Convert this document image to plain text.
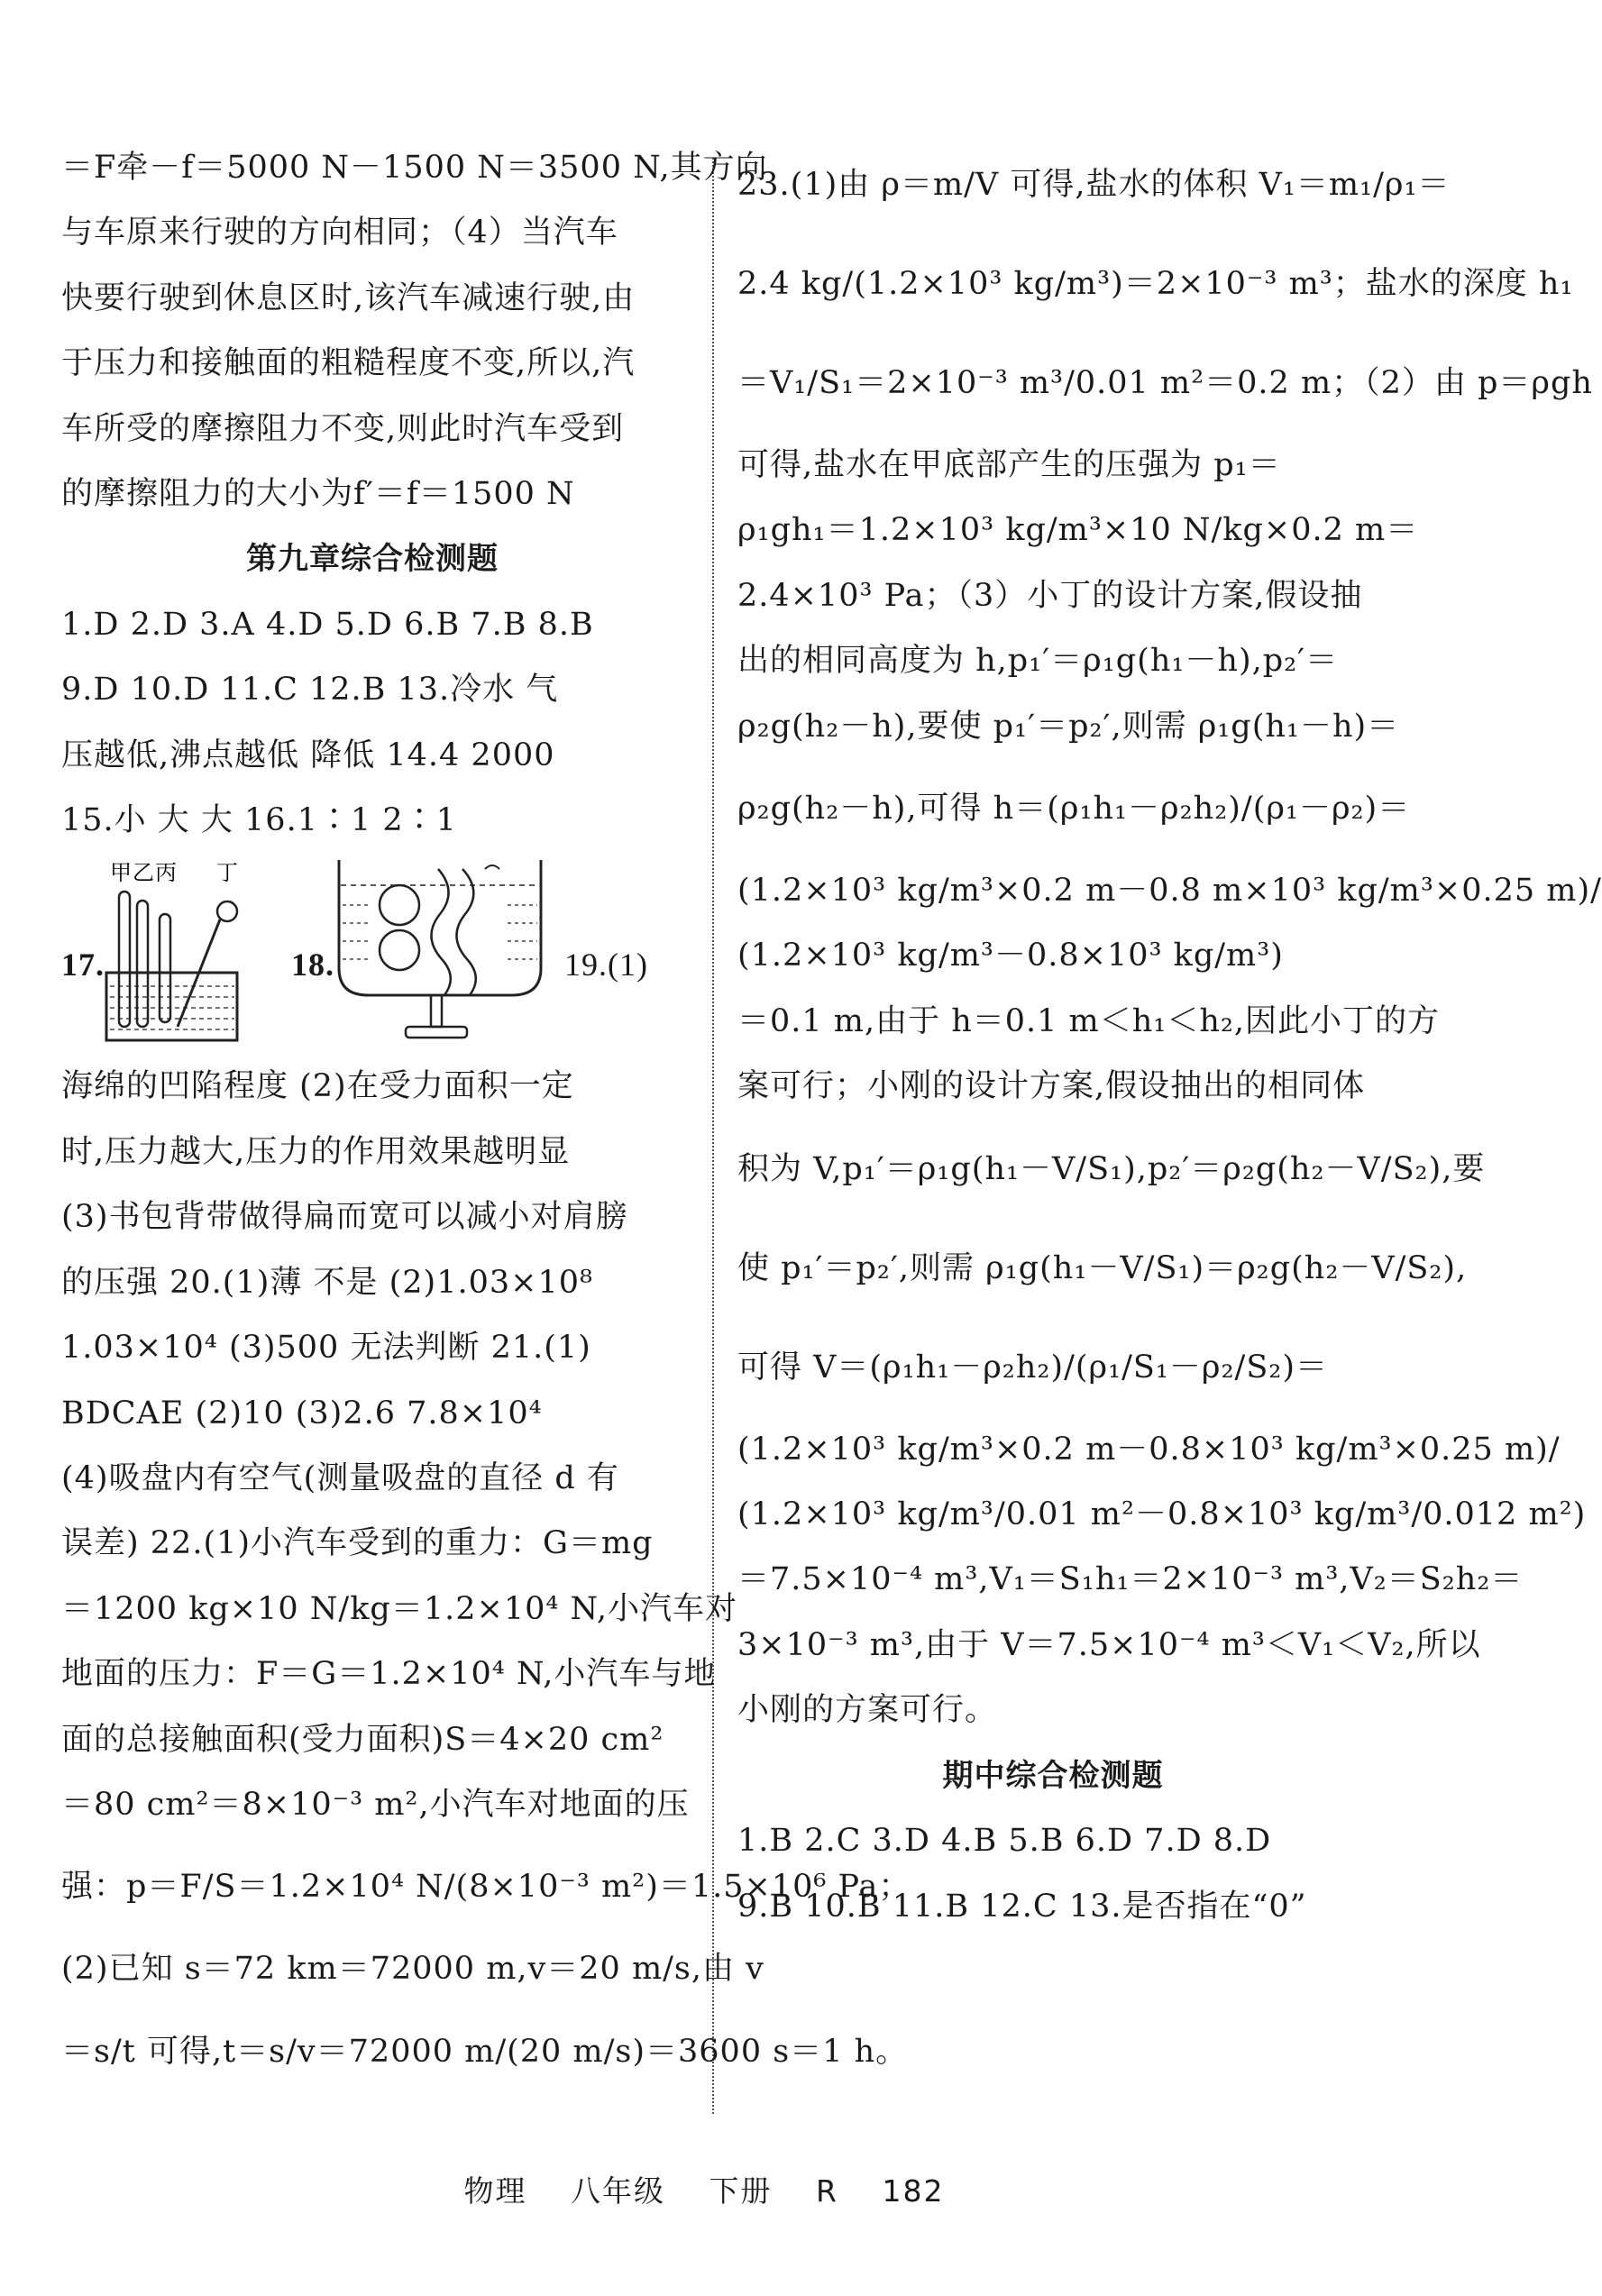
＝F牵－f＝5000 N－1500 N＝3500 N,其方向
与车原来行驶的方向相同；（4）当汽车
快要行驶到休息区时,该汽车减速行驶,由
于压力和接触面的粗糙程度不变,所以,汽
车所受的摩擦阻力不变,则此时汽车受到
的摩擦阻力的大小为f′＝f＝1500 N
第九章综合检测题
1.D 2.D 3.A 4.D 5.D 6.B 7.B 8.B
9.D 10.D 11.C 12.B 13.冷水 气
压越低,沸点越低 降低 14.4 2000
15.小 大 大 16.1∶1 2∶1
17.
甲乙丙 丁
18.	19.(1)
海绵的凹陷程度 (2)在受力面积一定
时,压力越大,压力的作用效果越明显
(3)书包背带做得扁而宽可以减小对肩膀
的压强 20.(1)薄 不是 (2)1.03×10⁸
1.03×10⁴ (3)500 无法判断 21.(1)
BDCAE (2)10 (3)2.6 7.8×10⁴
(4)吸盘内有空气(测量吸盘的直径 d 有
误差) 22.(1)小汽车受到的重力：G＝mg
＝1200 kg×10 N/kg＝1.2×10⁴ N,小汽车对
地面的压力：F＝G＝1.2×10⁴ N,小汽车与地
面的总接触面积(受力面积)S＝4×20 cm²
＝80 cm²＝8×10⁻³ m²,小汽车对地面的压
强：p＝F/S＝1.2×10⁴ N/(8×10⁻³ m²)＝1.5×10⁶ Pa；
(2)已知 s＝72 km＝72000 m,v＝20 m/s,由 v
＝s/t 可得,t＝s/v＝72000 m/(20 m/s)＝3600 s＝1 h。
23.(1)由 ρ＝m/V 可得,盐水的体积 V₁＝m₁/ρ₁＝
2.4 kg/(1.2×10³ kg/m³)＝2×10⁻³ m³；盐水的深度 h₁
＝V₁/S₁＝2×10⁻³ m³/0.01 m²＝0.2 m；（2）由 p＝ρgh
可得,盐水在甲底部产生的压强为 p₁＝
ρ₁gh₁＝1.2×10³ kg/m³×10 N/kg×0.2 m＝
2.4×10³ Pa；（3）小丁的设计方案,假设抽
出的相同高度为 h,p₁′＝ρ₁g(h₁－h),p₂′＝
ρ₂g(h₂－h),要使 p₁′＝p₂′,则需 ρ₁g(h₁－h)＝
ρ₂g(h₂－h),可得 h＝(ρ₁h₁－ρ₂h₂)/(ρ₁－ρ₂)＝
(1.2×10³ kg/m³×0.2 m－0.8 m×10³ kg/m³×0.25 m)/
(1.2×10³ kg/m³－0.8×10³ kg/m³)
＝0.1 m,由于 h＝0.1 m＜h₁＜h₂,因此小丁的方
案可行；小刚的设计方案,假设抽出的相同体
积为 V,p₁′＝ρ₁g(h₁－V/S₁),p₂′＝ρ₂g(h₂－V/S₂),要
使 p₁′＝p₂′,则需 ρ₁g(h₁－V/S₁)＝ρ₂g(h₂－V/S₂),
可得 V＝(ρ₁h₁－ρ₂h₂)/(ρ₁/S₁－ρ₂/S₂)＝
(1.2×10³ kg/m³×0.2 m－0.8×10³ kg/m³×0.25 m)/
(1.2×10³ kg/m³/0.01 m²－0.8×10³ kg/m³/0.012 m²)
＝7.5×10⁻⁴ m³,V₁＝S₁h₁＝2×10⁻³ m³,V₂＝S₂h₂＝
3×10⁻³ m³,由于 V＝7.5×10⁻⁴ m³＜V₁＜V₂,所以
小刚的方案可行。
期中综合检测题
1.B 2.C 3.D 4.B 5.B 6.D 7.D 8.D
9.B 10.B 11.B 12.C 13.是否指在“0”
物理 八年级 下册 R 182
